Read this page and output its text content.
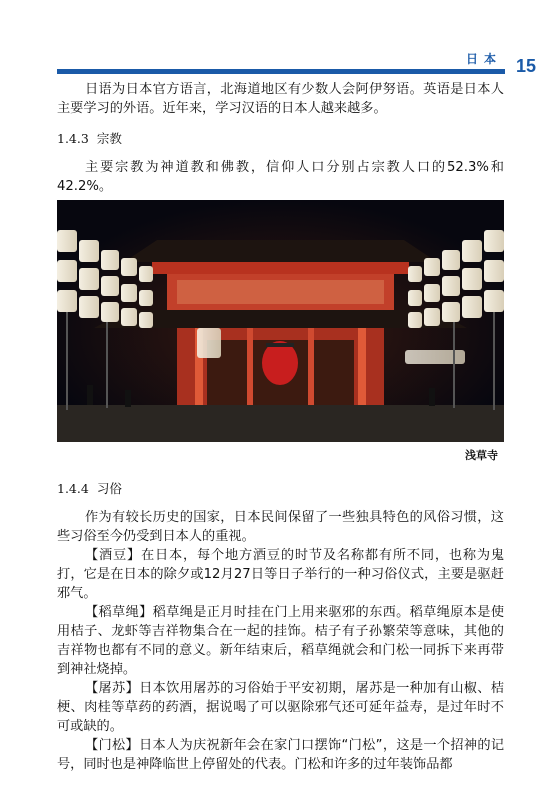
日本 15

日语为日本官方语言，北海道地区有少数人会阿伊努语。英语是日本人主要学习的外语。近年来，学习汉语的日本人越来越多。

1.4.3 宗教

主要宗教为神道教和佛教，信仰人口分别占宗教人口的52.3%和42.2%。

浅草寺
1.4.4 习俗

作为有较长历史的国家，日本民间保留了一些独具特色的风俗习惯，这些习俗至今仍受到日本人的重视。

【酒豆】在日本，每个地方酒豆的时节及名称都有所不同，也称为鬼打，它是在日本的除夕或12月27日等日子举行的一种习俗仪式，主要是驱赶邪气。

【稻草绳】稻草绳是正月时挂在门上用来驱邪的东西。稻草绳原本是使用桔子、龙虾等吉祥物集合在一起的挂饰。桔子有子孙繁荣等意味，其他的吉祥物也都有不同的意义。新年结束后，稻草绳就会和门松一同拆下来再带到神社烧掉。

【屠苏】日本饮用屠苏的习俗始于平安初期，屠苏是一种加有山椒、桔梗、肉桂等草药的药酒，据说喝了可以驱除邪气还可延年益寿，是过年时不可或缺的。

【门松】日本人为庆祝新年会在家门口摆饰“门松”，这是一个招神的记号，同时也是神降临世上停留处的代表。门松和许多的过年装饰品都
